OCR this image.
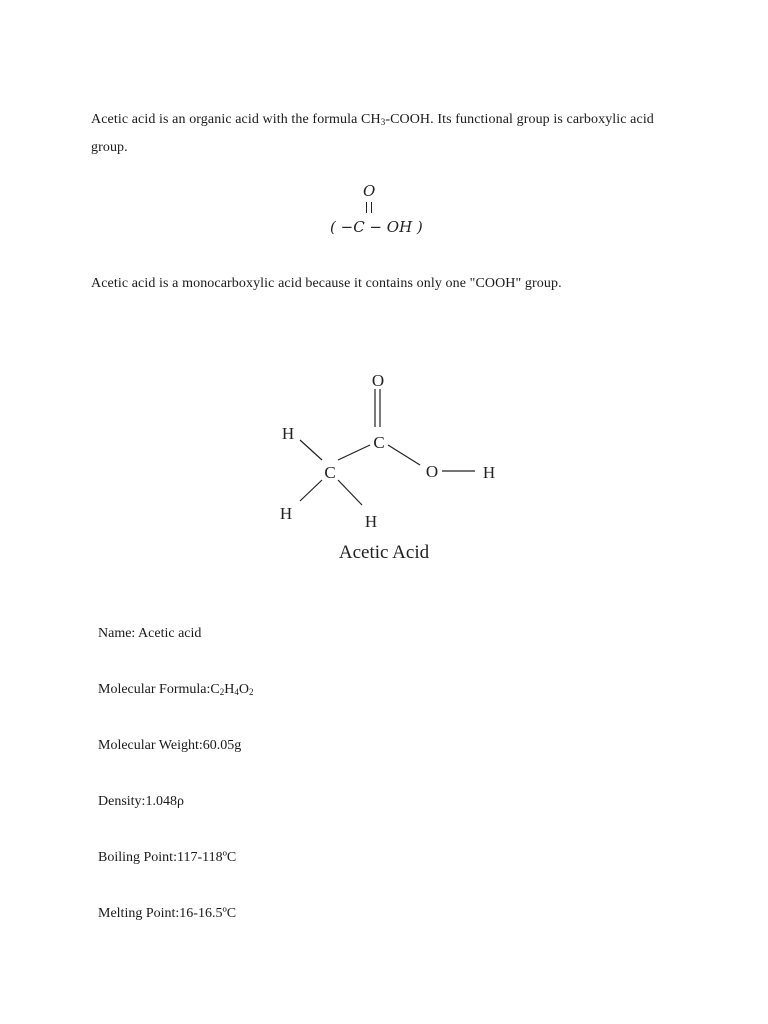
Acetic acid is an organic acid with the formula $CH_3$-COOH. Its functional group is carboxylic acid group.
O
( −C − OH )
Acetic acid is a monocarboxylic acid because it contains only one "COOH" group.
O
H	C
C	O	H
H	H
Acetic Acid
Name: Acetic acid
Molecular $Formula:C_2H_4O_2$
Molecular Weight:60.05g
Density:1.048ρ
Boiling Point:117-118ºC
Melting Point:16-16.5ºC
